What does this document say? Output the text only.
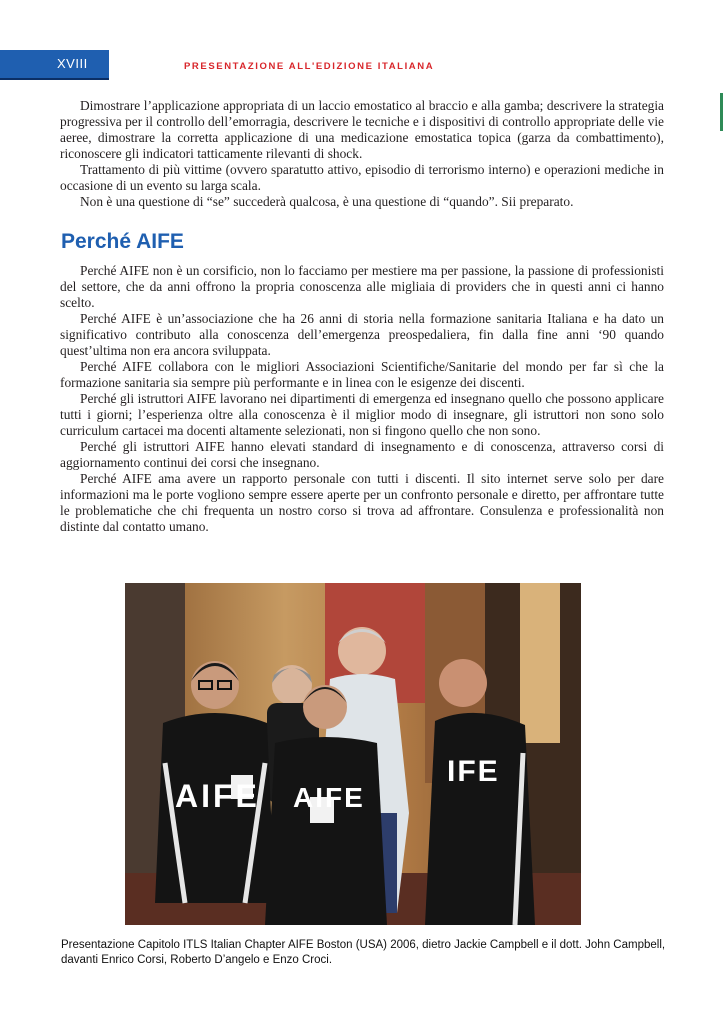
XVIII	PRESENTAZIONE ALL'EDIZIONE ITALIANA

Dimostrare l’applicazione appropriata di un laccio emostatico al braccio e alla gamba; descrivere la strategia progressiva per il controllo dell’emorragia, descrivere le tecniche e i dispositivi di controllo appropriate delle vie aeree, dimostrare la corretta applicazione di una medicazione emostatica topica (garza da combattimento), riconoscere gli indicatori tatticamente rilevanti di shock.

Trattamento di più vittime (ovvero sparatutto attivo, episodio di terrorismo interno) e operazioni mediche in occasione di un evento su larga scala.

Non è una questione di “se” succederà qualcosa, è una questione di “quando”. Sii preparato.

Perché AIFE

Perché AIFE non è un corsificio, non lo facciamo per mestiere ma per passione, la passione di professionisti del settore, che da anni offrono la propria conoscenza alle migliaia di providers che in questi anni ci hanno scelto.

Perché AIFE è un’associazione che ha 26 anni di storia nella formazione sanitaria Italiana e ha dato un significativo contributo alla conoscenza dell’emergenza preospedaliera, fin dalla fine anni ‘90 quando quest’ultima non era ancora sviluppata.

Perché AIFE collabora con le migliori Associazioni Scientifiche/Sanitarie del mondo per far sì che la formazione sanitaria sia sempre più performante e in linea con le esigenze dei discenti.

Perché gli istruttori AIFE lavorano nei dipartimenti di emergenza ed insegnano quello che possono applicare tutti i giorni; l’esperienza oltre alla conoscenza è il miglior modo di insegnare, gli istruttori non sono solo curriculum cartacei ma docenti altamente selezionati, non si fingono quello che non sono.

Perché gli istruttori AIFE hanno elevati standard di insegnamento e di conoscenza, attraverso corsi di aggiornamento continui dei corsi che insegnano.

Perché AIFE ama avere un rapporto personale con tutti i discenti. Il sito internet serve solo per dare informazioni ma le porte vogliono sempre essere aperte per un confronto personale e diretto, per affrontare tutte le problematiche che chi frequenta un nostro corso si trova ad affrontare. Consulenza e professionalità non distinte dal contatto umano.

AIFE AIFE
IFE

Presentazione Capitolo ITLS Italian Chapter AIFE Boston (USA) 2006, dietro Jackie Campbell e il dott. John Campbell, davanti Enrico Corsi, Roberto D’angelo e Enzo Croci.
